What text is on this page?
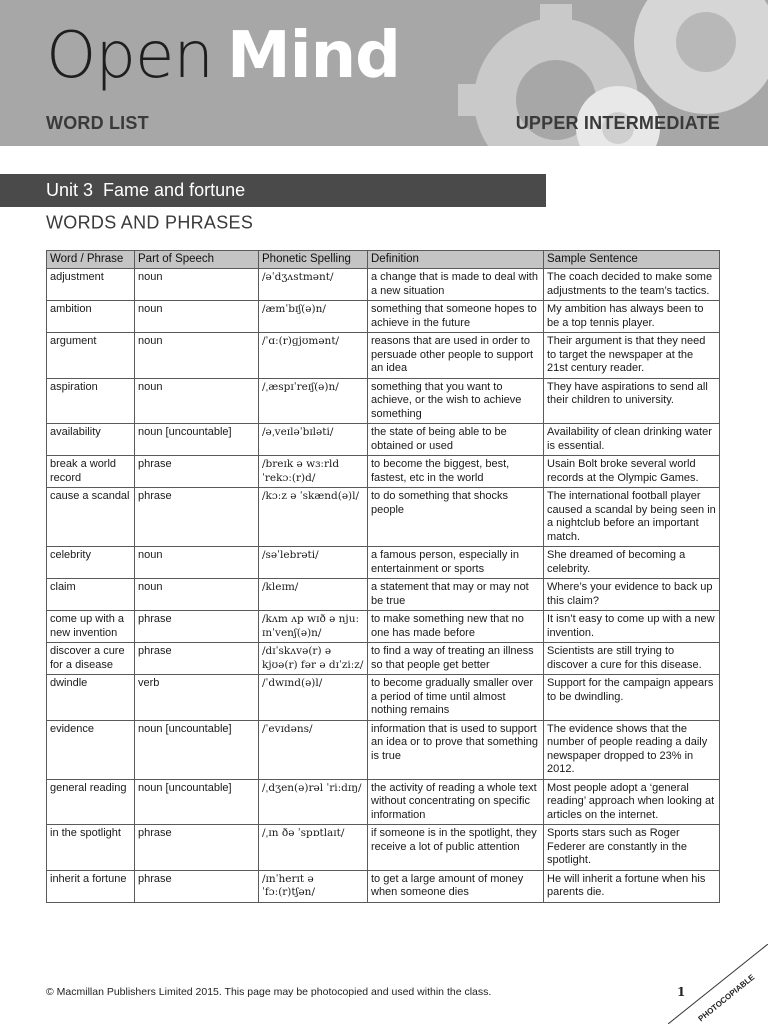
Open Mind
WORD LIST	UPPER INTERMEDIATE
Unit 3 Fame and fortune
WORDS AND PHRASES
Word / Phrase	Part of Speech	Phonetic Spelling	Definition	Sample Sentence
adjustment	noun	/əˈdʒʌstmənt/	a change that is made to deal with a new situation	The coach decided to make some adjustments to the team’s tactics.
ambition	noun	/æmˈbɪʃ(ə)n/	something that someone hopes to achieve in the future	My ambition has always been to be a top tennis player.
argument	noun	/ˈɑː(r)ɡjʊmənt/	reasons that are used in order to persuade other people to support an idea	Their argument is that they need to target the newspaper at the 21st century reader.
aspiration	noun	/ˌæspɪˈreɪʃ(ə)n/	something that you want to achieve, or the wish to achieve something	They have aspirations to send all their children to university.
availability	noun [uncountable]	/əˌveɪləˈbɪləti/	the state of being able to be obtained or used	Availability of clean drinking water is essential.
break a world record	phrase	/breɪk ə wɜːrld ˈrekɔː(r)d/	to become the biggest, best, fastest, etc in the world	Usain Bolt broke several world records at the Olympic Games.
cause a scandal	phrase	/kɔːz ə ˈskænd(ə)l/	to do something that shocks people	The international football player caused a scandal by being seen in a nightclub before an important match.
celebrity	noun	/səˈlebrəti/	a famous person, especially in entertainment or sports	She dreamed of becoming a celebrity.
claim	noun	/kleɪm/	a statement that may or may not be true	Where’s your evidence to back up this claim?
come up with a new invention	phrase	/kʌm ʌp wɪð ə njuː ɪnˈvenʃ(ə)n/	to make something new that no one has made before	It isn’t easy to come up with a new invention.
discover a cure for a disease	phrase	/dɪˈskʌvə(r) ə kjʊə(r) fər ə dɪˈziːz/	to find a way of treating an illness so that people get better	Scientists are still trying to discover a cure for this disease.
dwindle	verb	/ˈdwɪnd(ə)l/	to become gradually smaller over a period of time until almost nothing remains	Support for the campaign appears to be dwindling.
evidence	noun [uncountable]	/ˈevɪdəns/	information that is used to support an idea or to prove that something is true	The evidence shows that the number of people reading a daily newspaper dropped to 23% in 2012.
general reading	noun [uncountable]	/ˌdʒen(ə)rəl ˈriːdɪŋ/	the activity of reading a whole text without concentrating on specific information	Most people adopt a ‘general reading’ approach when looking at articles on the internet.
in the spotlight	phrase	/ˌɪn ðə ˈspɒtlaɪt/	if someone is in the spotlight, they receive a lot of public attention	Sports stars such as Roger Federer are constantly in the spotlight.
inherit a fortune	phrase	/ɪnˈherɪt ə ˈfɔː(r)tʃən/	to get a large amount of money when someone dies	He will inherit a fortune when his parents die.
© Macmillan Publishers Limited 2015. This page may be photocopied and used within the class.	1 PHOTOCOPIABLE
